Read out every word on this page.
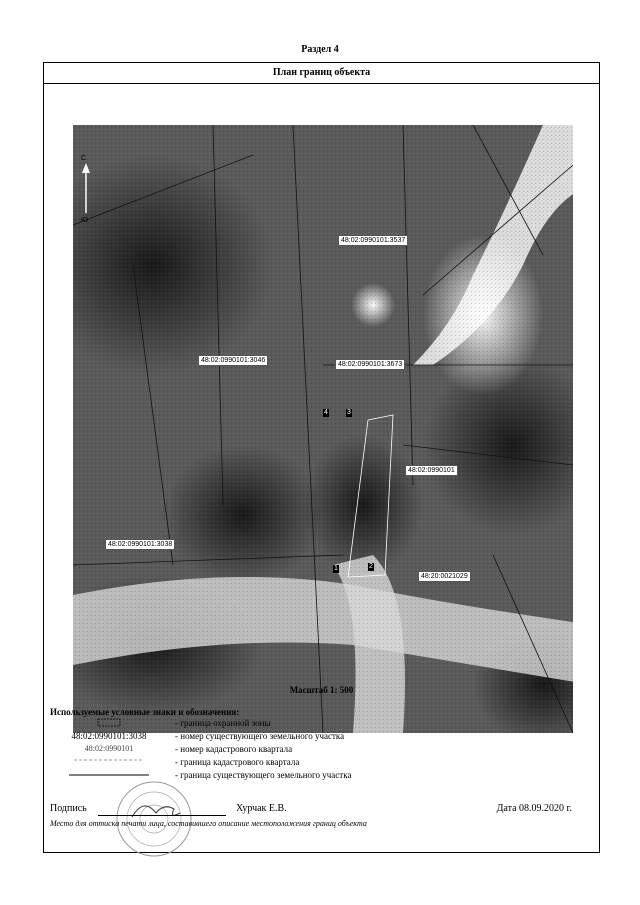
Раздел 4
План границ объекта
С
Ю
48:02:0990101:3537
48:02:0990101:3046
48:02:0990101:3673
48:02:0990101
48:02:0990101:3038
48:20:0021029
4	3
1	2
Масштаб 1: 500
Используемые условные знаки и обозначения:
- граница охранной зоны
48:02:0990101:3038	- номер существующего земельного участка
48:02:0990101	- номер кадастрового квартала
- граница кадастрового квартала
- граница существующего земельного участка
Подпись	Хурчак Е.В.	Дата 08.09.2020 г.
Место для оттиска печати лица, составившего описание местоположения границ объекта
